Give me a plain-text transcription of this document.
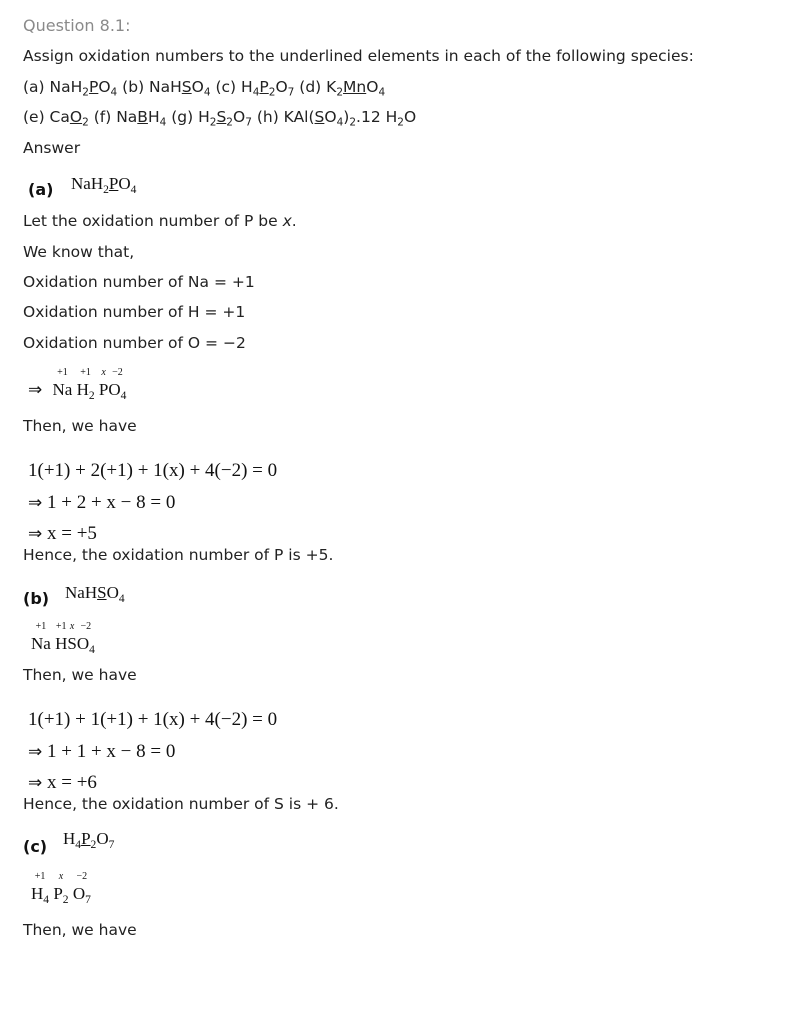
Question 8.1:
Assign oxidation numbers to the underlined elements in each of the following species:
(a) $NaH_2PO_4$ (b) NaHSO$_4$ (c) $H_4P_2O_7$ (d) $K_2MnO_4$
(e) CaO$_2$ (f) NaBH$_4$ (g) $H_2S_2O_7$ (h) $KAl(SO_4)_2.12$ $H_2O$
Answer
(a) $NaH_2PO_4$
Let the oxidation number of P be x.
We know that,
Oxidation number of Na = +1
Oxidation number of H = +1
Oxidation number of O = −2
⇒
+1
Na
+1
$H_2$
x
P
−2
$O_4$
Then, we have
1(+1) + 2(+1) + 1(x) + 4(−2) = 0
⇒ 1 + 2 + x − 8 = 0
⇒ x = +5
Hence, the oxidation number of P is +5.
(b) NaHSO$_4$
+1
Na
+1
H
x
S
−2
$O_4$
Then, we have
1(+1) + 1(+1) + 1(x) + 4(−2) = 0
⇒ 1 + 1 + x − 8 = 0
⇒ x = +6
Hence, the oxidation number of S is + 6.
(c) $H_4P_2O_7$
+1
$H_4$
x
$P_2$
−2
$O_7$
Then, we have
